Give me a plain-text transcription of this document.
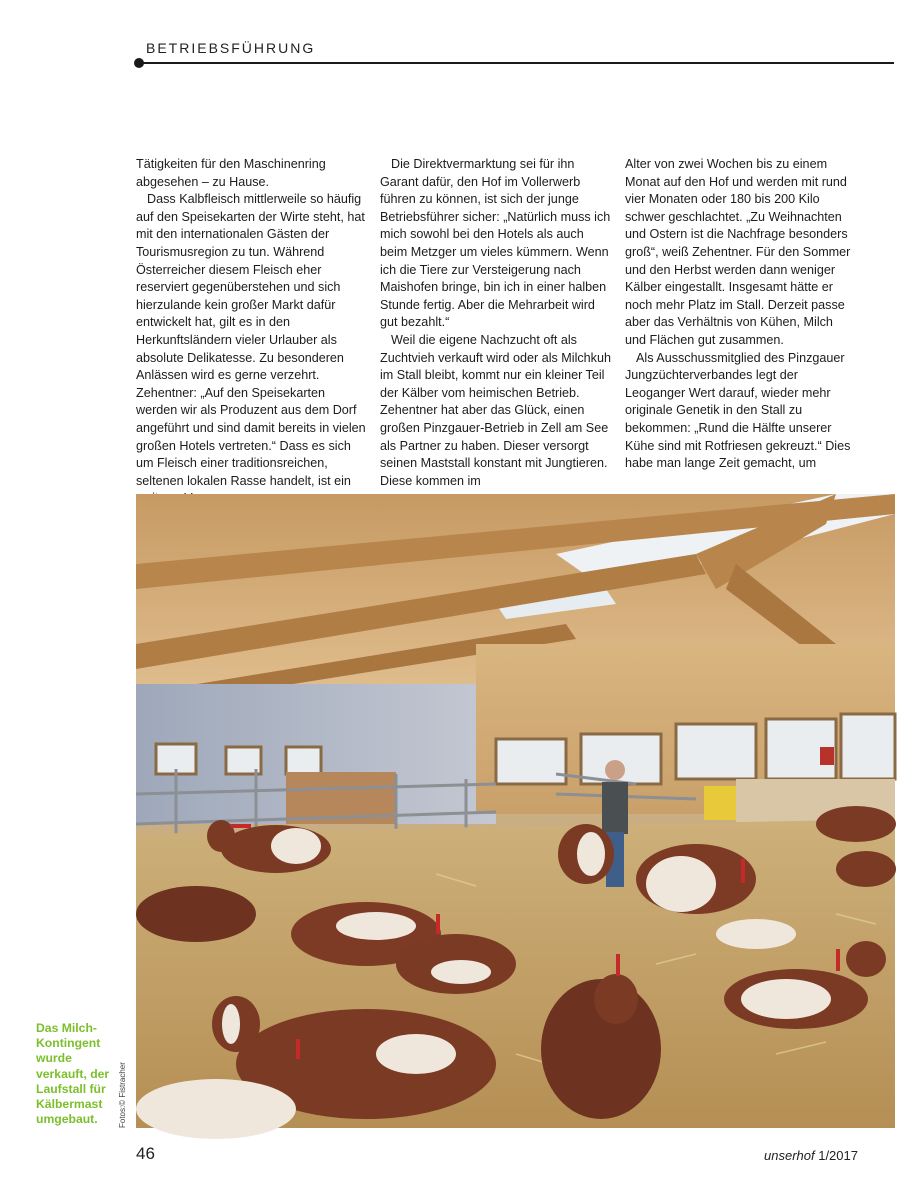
BETRIEBSFÜHRUNG

Tätigkeiten für den Maschinenring abgesehen – zu Hause.

Dass Kalbfleisch mittlerweile so häufig auf den Speisekarten der Wirte steht, hat mit den internationalen Gästen der Tourismusregion zu tun. Während Österreicher diesem Fleisch eher reserviert gegenüberstehen und sich hierzulande kein großer Markt dafür entwickelt hat, gilt es in den Herkunftsländern vieler Urlauber als absolute Delikatesse. Zu besonderen Anlässen wird es gerne verzehrt. Zehentner: „Auf den Speisekarten werden wir als Produzent aus dem Dorf angeführt und sind damit bereits in vielen großen Hotels vertreten.“ Dass es sich um Fleisch einer traditionsreichen, seltenen lokalen Rasse handelt, ist ein

Die Direktvermarktung sei für ihn Garant dafür, den Hof im Vollerwerb führen zu können, ist sich der junge Betriebsführer sicher: „Natürlich muss ich mich sowohl bei den Hotels als auch beim Metzger um vieles kümmern. Wenn ich die Tiere zur Versteigerung nach Maishofen bringe, bin ich in einer halben Stunde fertig. Aber die Mehrarbeit wird gut bezahlt.“

Weil die eigene Nachzucht oft als Zuchtvieh verkauft wird oder als Milchkuh im Stall bleibt, kommt nur ein kleiner Teil der Kälber vom heimischen Betrieb. Zehentner hat aber das Glück, einen großen Pinzgauer-Betrieb in Zell am See als Partner zu haben. Dieser versorgt seinen Maststall konstant mit Jungtieren. Diese kommen im

Alter von zwei Wochen bis zu einem Monat auf den Hof und werden mit rund vier Monaten oder 180 bis 200 Kilo schwer geschlachtet. „Zu Weihnachten und Ostern ist die Nachfrage besonders groß“, weiß Zehentner. Für den Sommer und den Herbst werden dann weniger Kälber eingestallt. Insgesamt hätte er noch mehr Platz im Stall. Derzeit passe aber das Verhältnis von Kühen, Milch und Flächen gut zusammen.

Als Ausschussmitglied des Pinzgauer Jungzüchterverbandes legt der Leoganger Wert darauf, wieder mehr originale Genetik in den Stall zu bekommen: „Rund die Hälfte unserer Kühe sind mit Rotfriesen gekreuzt.“ Dies habe man lange Zeit gemacht, um

Das Milch-Kontingent wurde verkauft, der Laufstall für Kälbermast umgebaut.	Fotos:© Fistracher
46	unserhof 1/2017
